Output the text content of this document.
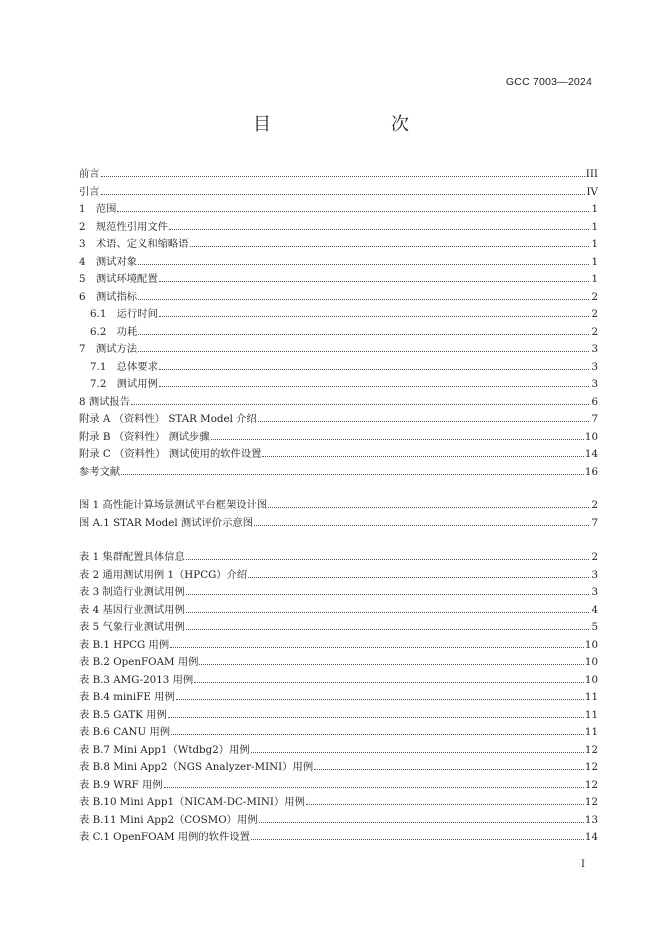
GCC 7003—2024
目　　次
前言	III
引言	IV
1　范围	1
2　规范性引用文件	1
3　术语、定义和缩略语	1
4　测试对象	1
5　测试环境配置	1
6　测试指标	2
6.1　运行时间	2
6.2　功耗	2
7　测试方法	3
7.1　总体要求	3
7.2　测试用例	3
8 测试报告	6
附录 A （资料性） STAR Model 介绍	7
附录 B （资料性） 测试步骤	10
附录 C （资料性） 测试使用的软件设置	14
参考文献	16
图 1 高性能计算场景测试平台框架设计图	2
图 A.1 STAR Model 测试评价示意图	7
表 1 集群配置具体信息	2
表 2 通用测试用例 1（HPCG）介绍	3
表 3 制造行业测试用例	3
表 4 基因行业测试用例	4
表 5 气象行业测试用例	5
表 B.1 HPCG 用例	10
表 B.2 OpenFOAM 用例	10
表 B.3 AMG-2013 用例	10
表 B.4 miniFE 用例	11
表 B.5 GATK 用例	11
表 B.6 CANU 用例	11
表 B.7 Mini App1（Wtdbg2）用例	12
表 B.8 Mini App2（NGS Analyzer-MINI）用例	12
表 B.9 WRF 用例	12
表 B.10 Mini App1（NICAM-DC-MINI）用例	12
表 B.11 Mini App2（COSMO）用例	13
表 C.1 OpenFOAM 用例的软件设置	14
I
